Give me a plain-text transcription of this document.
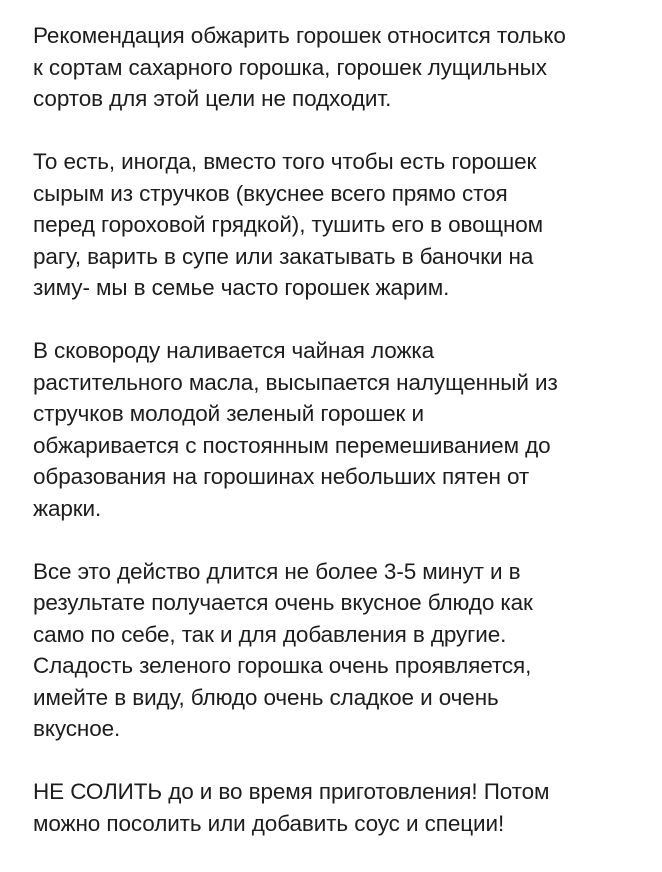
Рекомендация обжарить горошек относится только
к сортам сахарного горошка, горошек лущильных
сортов для этой цели не подходит.

То есть, иногда, вместо того чтобы есть горошек
сырым из стручков (вкуснее всего прямо стоя
перед гороховой грядкой), тушить его в овощном
рагу, варить в супе или закатывать в баночки на
зиму- мы в семье часто горошек жарим.

В сковороду наливается чайная ложка
растительного масла, высыпается налущенный из
стручков молодой зеленый горошек и
обжаривается с постоянным перемешиванием до
образования на горошинах небольших пятен от
жарки.

Все это действо длится не более 3-5 минут и в
результате получается очень вкусное блюдо как
само по себе, так и для добавления в другие.
Сладость зеленого горошка очень проявляется,
имейте в виду, блюдо очень сладкое и очень
вкусное.

НЕ СОЛИТЬ до и во время приготовления! Потом
можно посолить или добавить соус и специи!
